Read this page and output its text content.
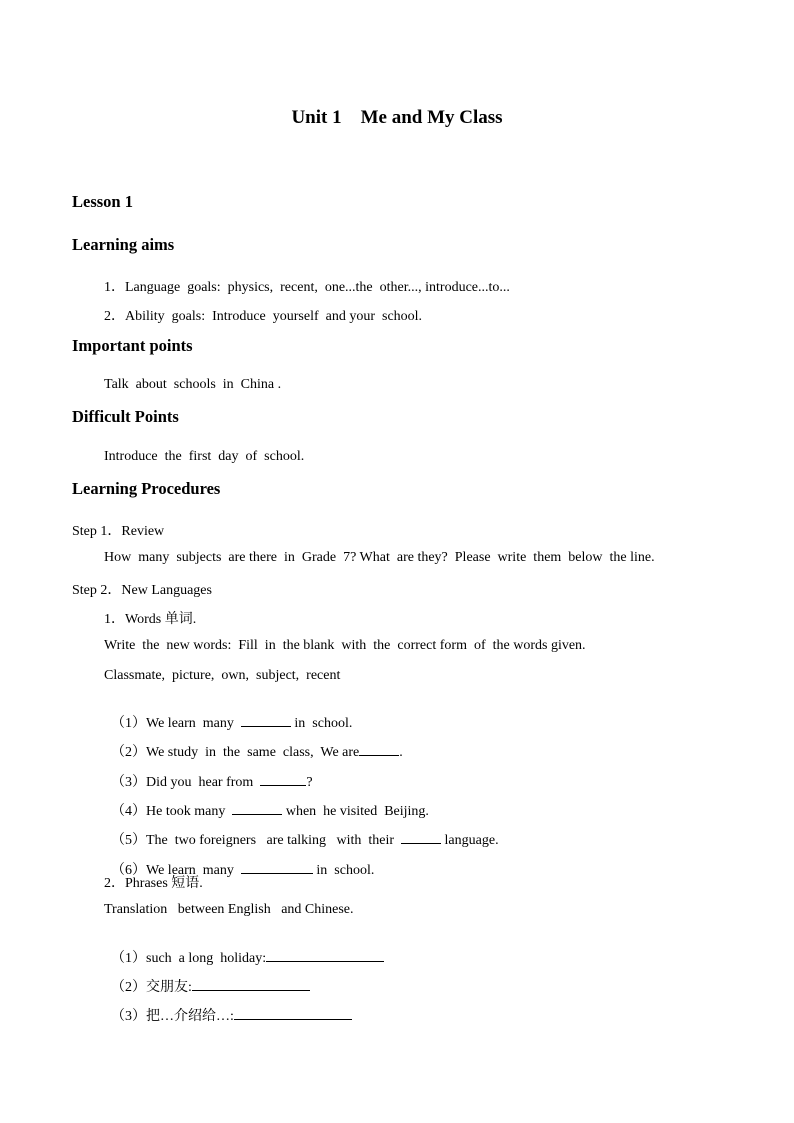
Unit 1    Me and My Class
Lesson 1
Learning aims
1．Language  goals:  physics,  recent,  one...the  other..., introduce...to...
2．Ability  goals:  Introduce  yourself  and your  school.
Important points
Talk  about  schools  in  China .
Difficult Points
Introduce  the  first  day  of  school.
Learning Procedures
Step 1．Review
How  many  subjects  are there  in  Grade  7? What  are they?  Please  write  them  below  the line.
Step 2．New Languages
1．Words 单词.
Write  the  new words:  Fill  in  the blank  with  the  correct form  of  the words given.
Classmate,  picture,  own,  subject,  recent

（1）We learn  many	in  school.

（2）We study  in  the  same  class,  We are	.

（3）Did you  hear from	?

（4）He took many	when  he visited  Beijing.

（5）The  two foreigners   are talking   with  their	language.

（6）We learn  many	in  school.

2．Phrases 短语.
Translation   between English   and Chinese.

（1）such  a long  holiday:

（2）交朋友:

（3）把…介绍给…:
